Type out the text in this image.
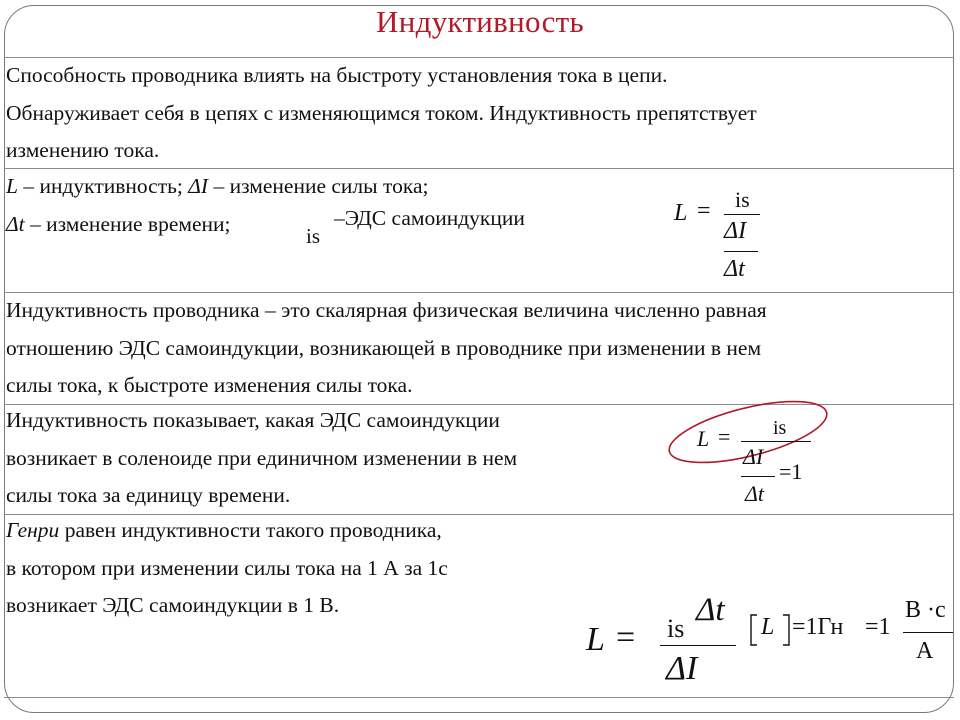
Индуктивность
Способность проводника влиять на быстроту установления тока в цепи.
Обнаруживает себя в цепях с изменяющимся током. Индуктивность препятствует
изменению тока.
L – индуктивность; ΔI – изменение силы тока;
Δt – изменение времени;
is
–ЭДС самоиндукции	L = is
ΔI
Δt
Индуктивность проводника – это скалярная физическая величина численно равная
отношению ЭДС самоиндукции, возникающей в проводнике при изменении в нем
силы тока, к быстроте изменения силы тока.
Индуктивность показывает, какая ЭДС самоиндукции
возникает в соленоиде при единичном изменении в нем
силы тока за единицу времени.
L = is
ΔI
Δt
=1
Генри равен индуктивности такого проводника,
в котором при изменении силы тока на 1 А за 1с
возникает ЭДС самоиндукции в 1 В.
L = is
Δt
ΔI
L =1Гн =1
В ·с
А
